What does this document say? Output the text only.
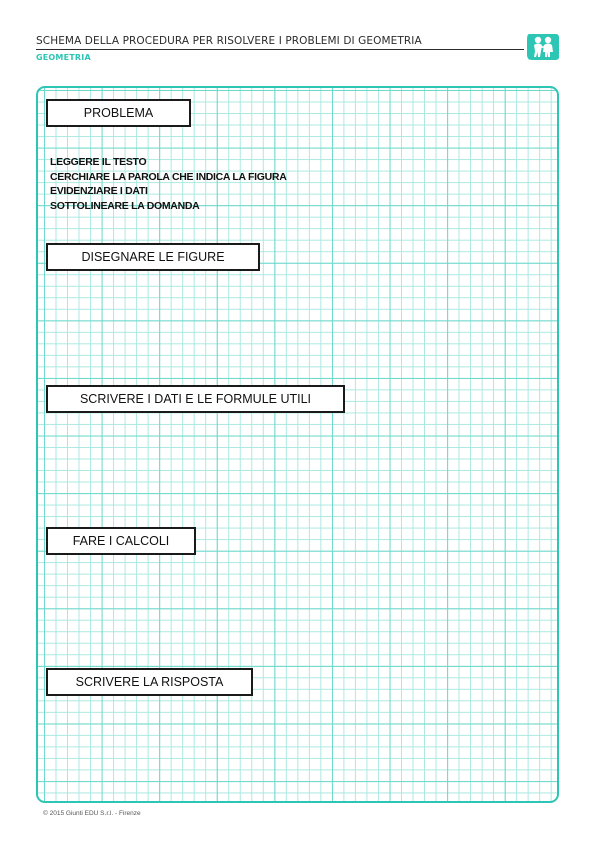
SCHEMA DELLA PROCEDURA PER RISOLVERE I PROBLEMI DI GEOMETRIA
GEOMETRIA
PROBLEMA
LEGGERE IL TESTO
CERCHIARE LA PAROLA CHE INDICA LA FIGURA
EVIDENZIARE I DATI
SOTTOLINEARE LA DOMANDA
DISEGNARE LE FIGURE
SCRIVERE I DATI E LE FORMULE UTILI
FARE I CALCOLI
SCRIVERE LA RISPOSTA
© 2015 Giunti EDU S.r.l. - Firenze
